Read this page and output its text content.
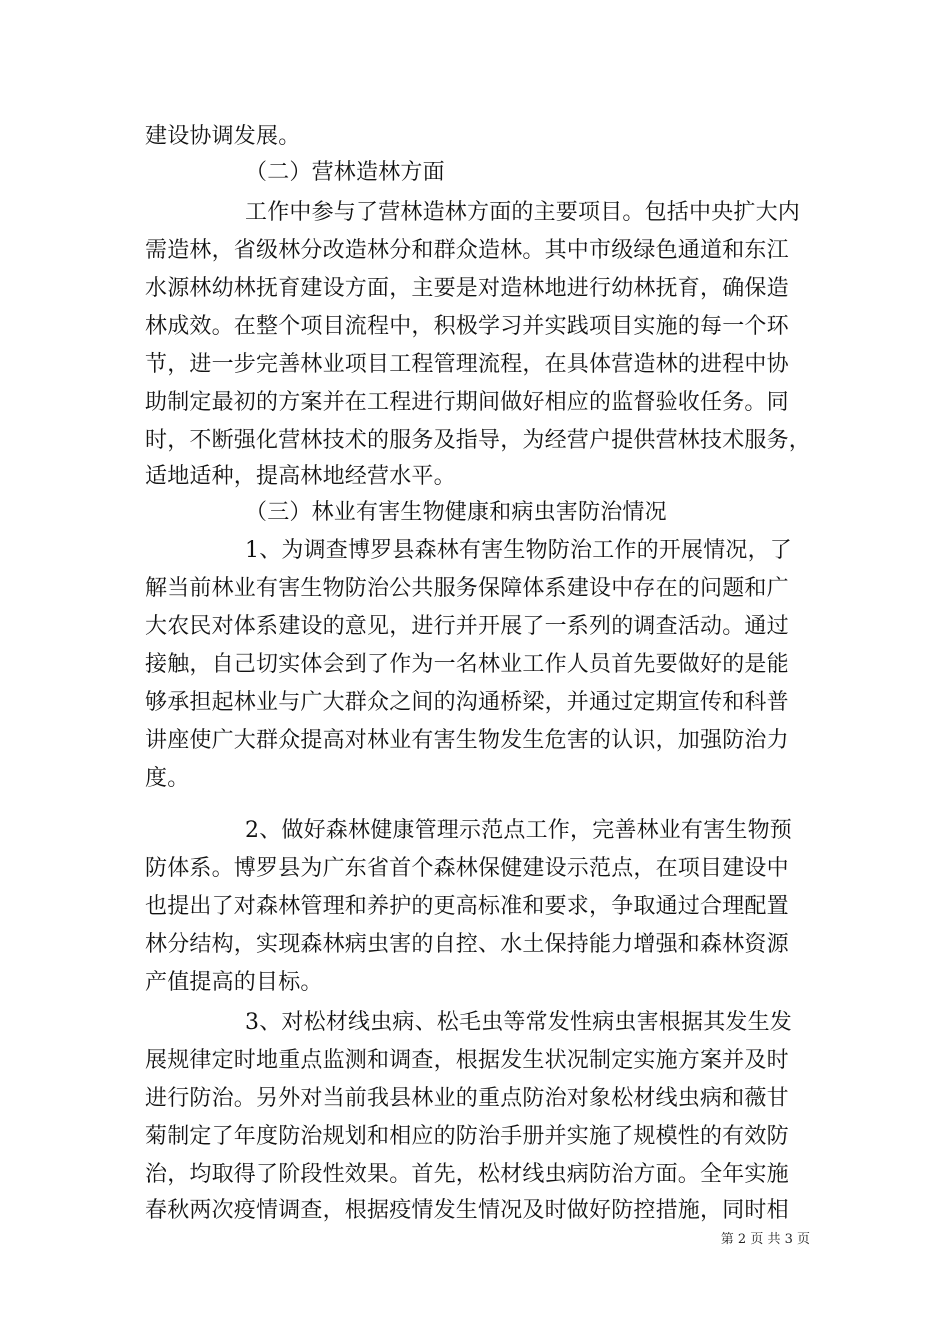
建设协调发展。
（二）营林造林方面
工作中参与了营林造林方面的主要项目。包括中央扩大内
需造林，省级林分改造林分和群众造林。其中市级绿色通道和东江
水源林幼林抚育建设方面，主要是对造林地进行幼林抚育，确保造
林成效。在整个项目流程中，积极学习并实践项目实施的每一个环
节，进一步完善林业项目工程管理流程，在具体营造林的进程中协
助制定最初的方案并在工程进行期间做好相应的监督验收任务。同
时，不断强化营林技术的服务及指导，为经营户提供营林技术服务，
适地适种，提高林地经营水平。
（三）林业有害生物健康和病虫害防治情况
1、为调查博罗县森林有害生物防治工作的开展情况，了
解当前林业有害生物防治公共服务保障体系建设中存在的问题和广
大农民对体系建设的意见，进行并开展了一系列的调查活动。通过
接触，自己切实体会到了作为一名林业工作人员首先要做好的是能
够承担起林业与广大群众之间的沟通桥梁，并通过定期宣传和科普
讲座使广大群众提高对林业有害生物发生危害的认识，加强防治力
度。
2、做好森林健康管理示范点工作，完善林业有害生物预
防体系。博罗县为广东省首个森林保健建设示范点，在项目建设中
也提出了对森林管理和养护的更高标准和要求，争取通过合理配置
林分结构，实现森林病虫害的自控、水土保持能力增强和森林资源
产值提高的目标。
3、对松材线虫病、松毛虫等常发性病虫害根据其发生发
展规律定时地重点监测和调查，根据发生状况制定实施方案并及时
进行防治。另外对当前我县林业的重点防治对象松材线虫病和薇甘
菊制定了年度防治规划和相应的防治手册并实施了规模性的有效防
治，均取得了阶段性效果。首先，松材线虫病防治方面。全年实施
春秋两次疫情调查，根据疫情发生情况及时做好防控措施，同时相
第 2 页 共 3 页
